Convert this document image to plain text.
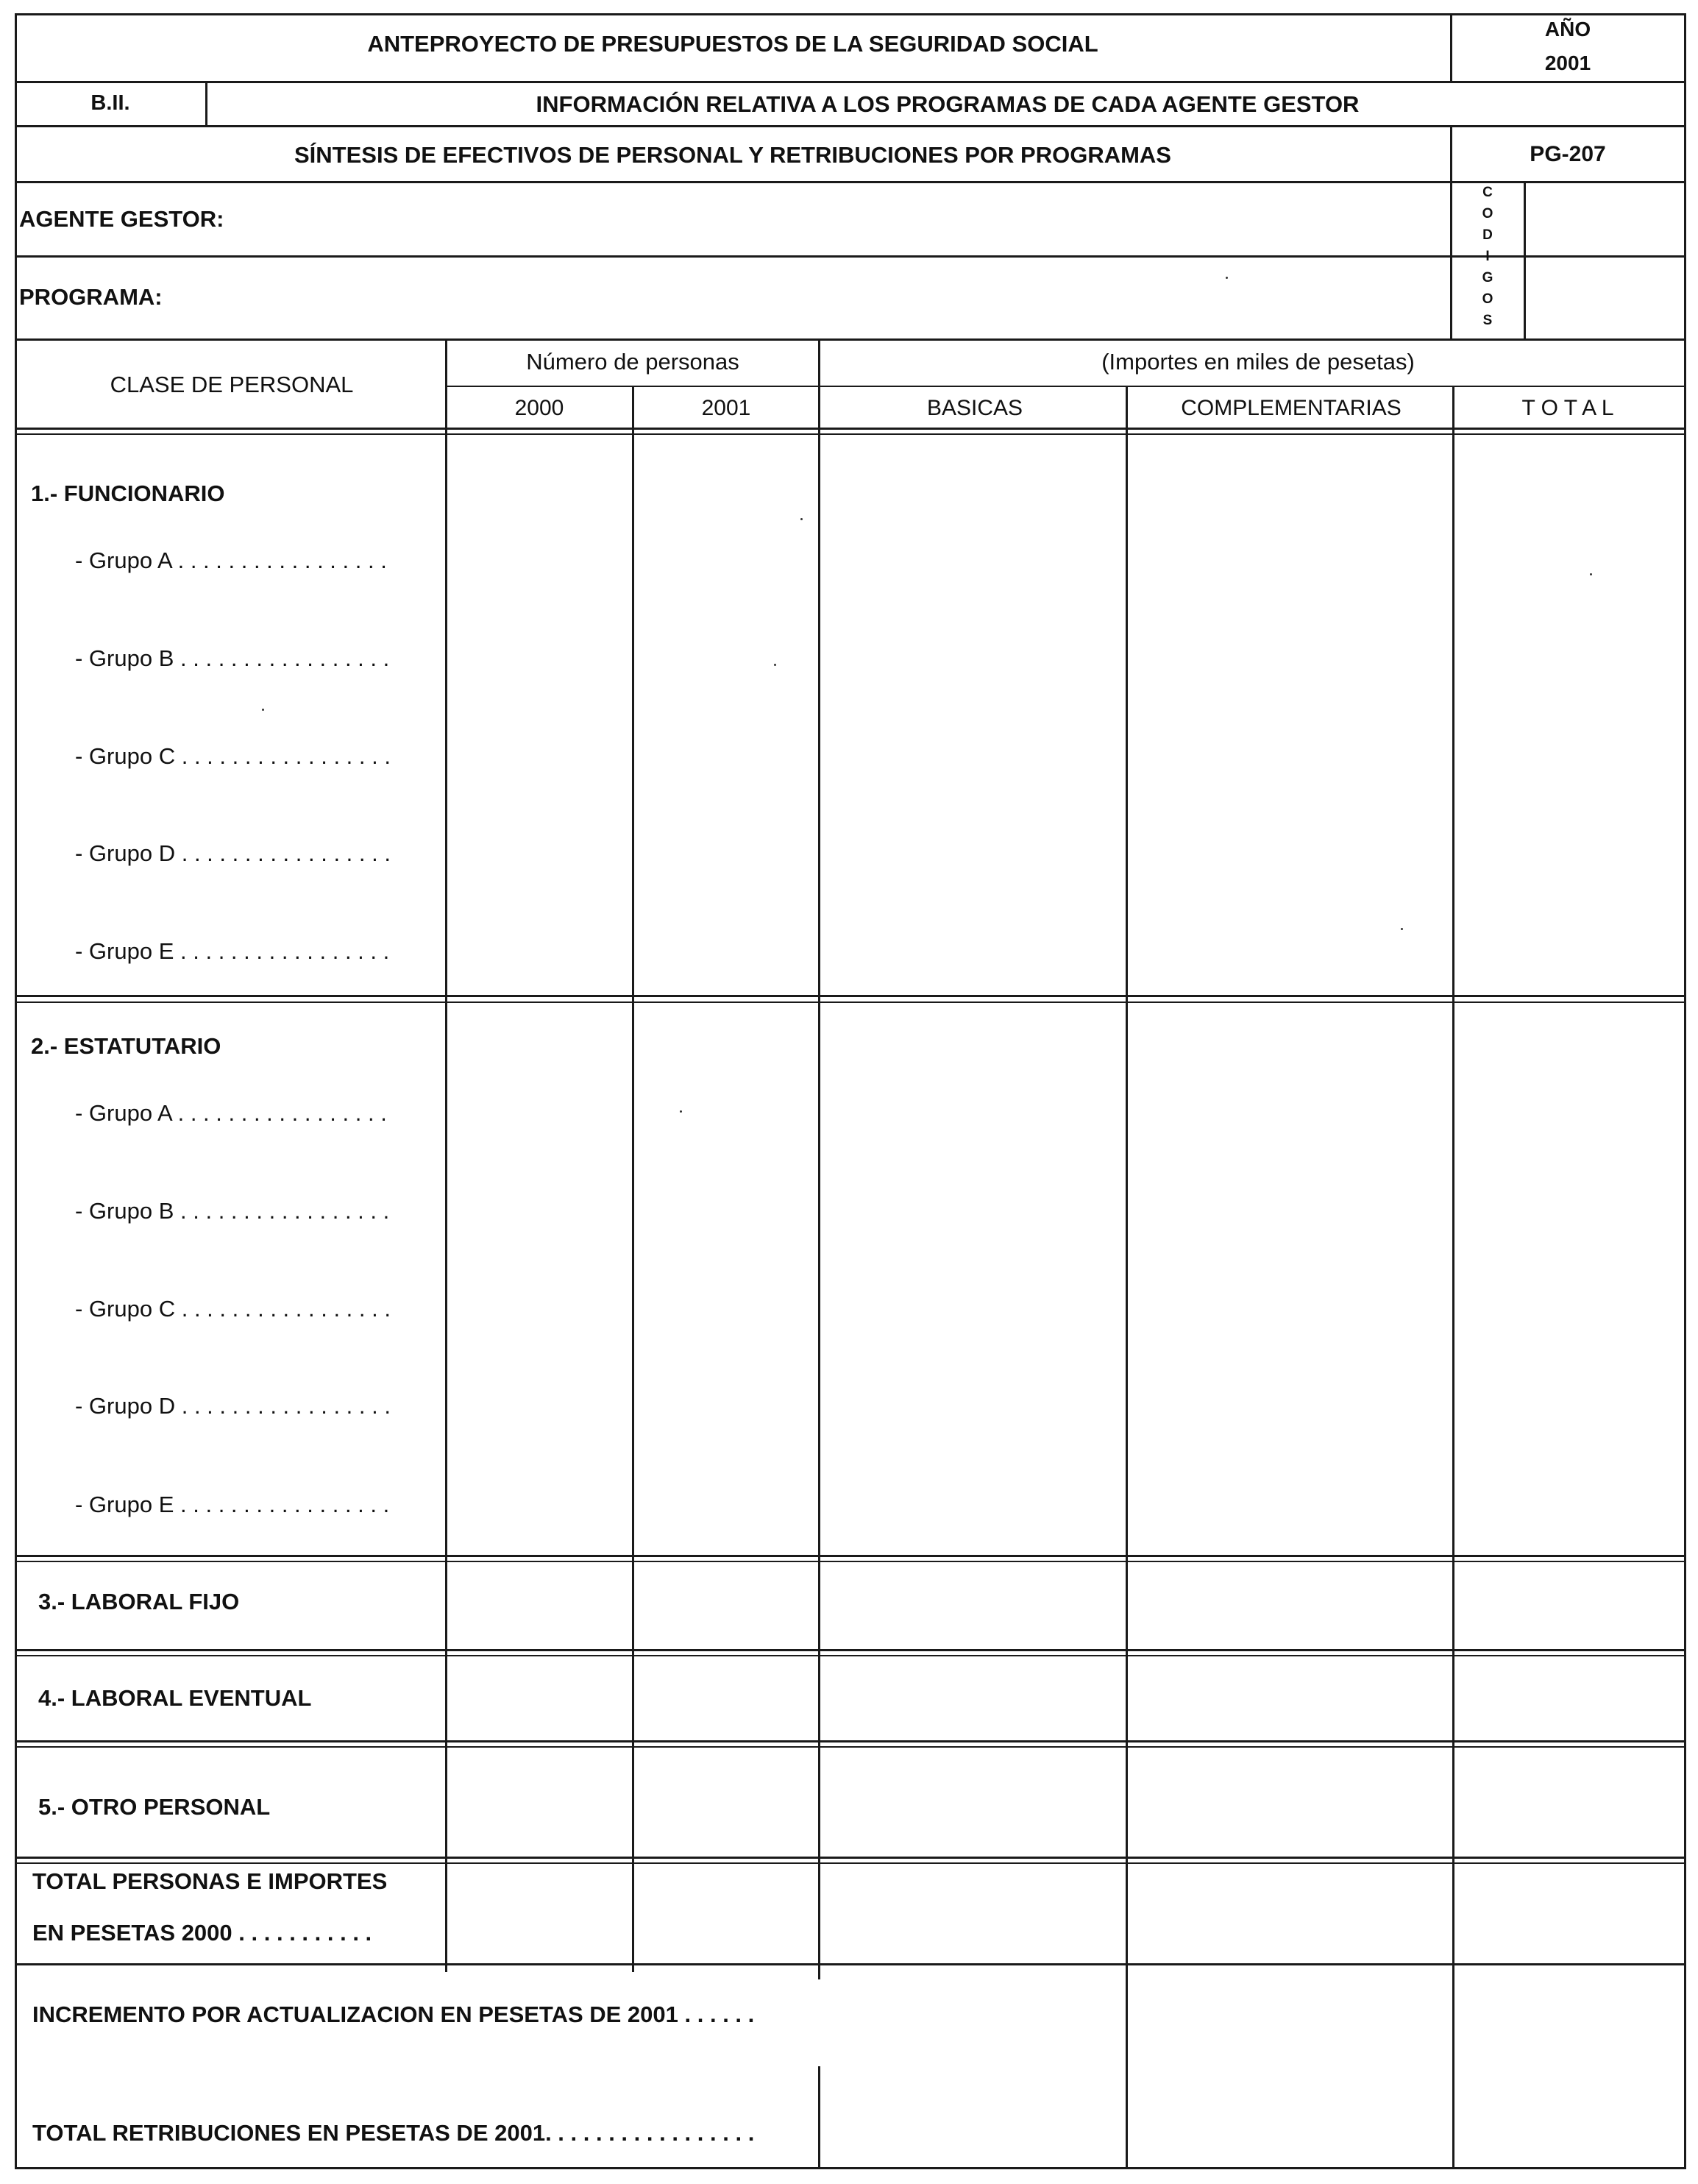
ANTEPROYECTO DE PRESUPUESTOS DE LA SEGURIDAD SOCIAL
AÑO
2001
B.II.	INFORMACIÓN RELATIVA A LOS PROGRAMAS DE CADA AGENTE GESTOR
SÍNTESIS DE EFECTIVOS DE PERSONAL Y RETRIBUCIONES POR PROGRAMAS	PG-207
AGENTE GESTOR:
PROGRAMA:
C
O
D
I
G
O
S
CLASE DE PERSONAL
Número de personas	(Importes en miles de pesetas)
2000	2001	BASICAS	COMPLEMENTARIAS	T O T A L
1.- FUNCIONARIO
- Grupo A . . . . . . . . . . . . . . . . .
- Grupo B . . . . . . . . . . . . . . . . .
- Grupo C . . . . . . . . . . . . . . . . .
- Grupo D . . . . . . . . . . . . . . . . .
- Grupo E . . . . . . . . . . . . . . . . .
2.- ESTATUTARIO
- Grupo A . . . . . . . . . . . . . . . . .
- Grupo B . . . . . . . . . . . . . . . . .
- Grupo C . . . . . . . . . . . . . . . . .
- Grupo D . . . . . . . . . . . . . . . . .
- Grupo E . . . . . . . . . . . . . . . . .
3.- LABORAL FIJO
4.- LABORAL EVENTUAL
5.- OTRO PERSONAL
TOTAL PERSONAS E IMPORTES
EN PESETAS 2000 . . . . . . . . . . .
INCREMENTO POR ACTUALIZACION EN PESETAS DE 2001 . . . . . .
TOTAL RETRIBUCIONES EN PESETAS DE 2001. . . . . . . . . . . . . . . . .
